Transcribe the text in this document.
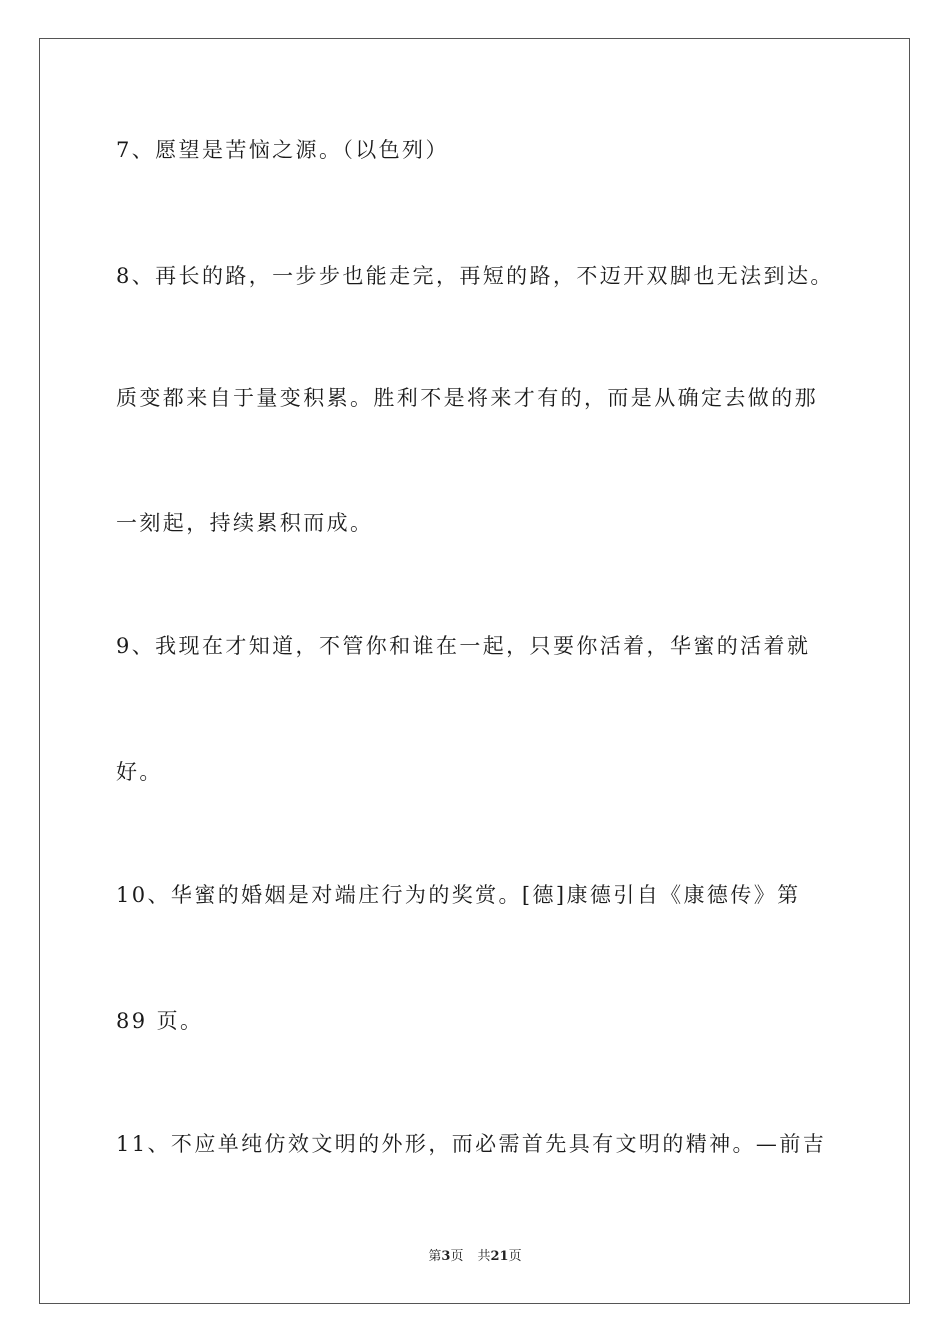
7、愿望是苦恼之源。（以色列）
8、再长的路，一步步也能走完，再短的路，不迈开双脚也无法到达。
质变都来自于量变积累。胜利不是将来才有的，而是从确定去做的那
一刻起，持续累积而成。
9、我现在才知道，不管你和谁在一起，只要你活着，华蜜的活着就
好。
10、华蜜的婚姻是对端庄行为的奖赏。[德]康德引自《康德传》第
89 页。
11、不应单纯仿效文明的外形，而必需首先具有文明的精神。—前吉
第3页 共21页
